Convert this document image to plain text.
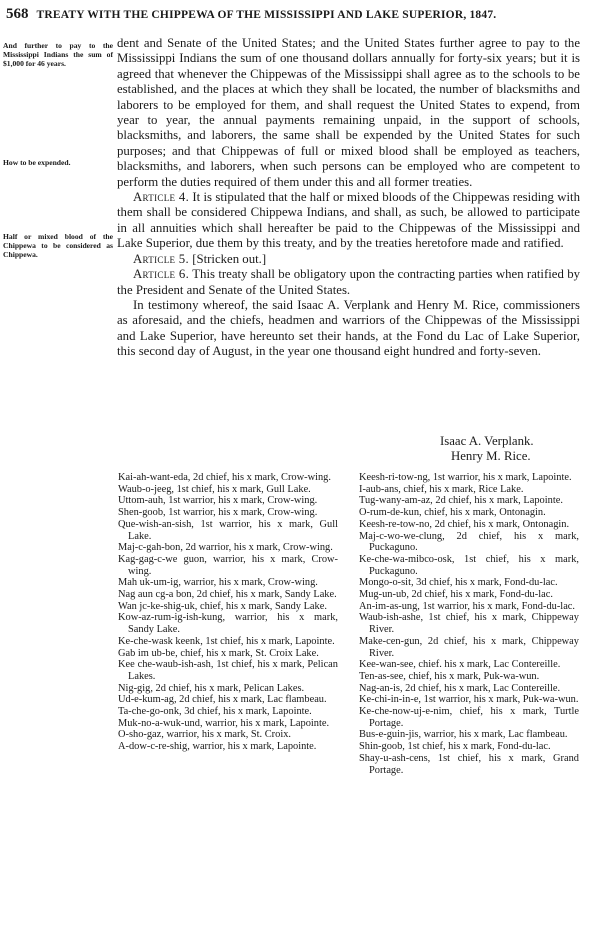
568 TREATY WITH THE CHIPPEWA OF THE MISSISSIPPI AND LAKE SUPERIOR, 1847.
And further to pay to the Mississippi Indians the sum of $1,000 for 46 years.
How to be expended.
Half or mixed blood of the Chippewa to be considered as Chippewa.

dent and Senate of the United States; and the United States further agree to pay to the Mississippi Indians the sum of one thousand dollars annually for forty-six years; but it is agreed that whenever the Chippewas of the Mississippi shall agree as to the schools to be established, and the places at which they shall be located, the number of blacksmiths and laborers to be employed for them, and shall request the United States to expend, from year to year, the annual payments remaining unpaid, in the support of schools, blacksmiths, and laborers, the same shall be expended by the United States for such purposes; and that Chippewas of full or mixed blood shall be employed as teachers, blacksmiths, and laborers, when such persons can be employed who are competent to perform the duties required of them under this and all former treaties.

Article 4. It is stipulated that the half or mixed bloods of the Chippewas residing with them shall be considered Chippewa Indians, and shall, as such, be allowed to participate in all annuities which shall hereafter be paid to the Chippewas of the Mississippi and Lake Superior, due them by this treaty, and by the treaties heretofore made and ratified.

Article 5. [Stricken out.]

Article 6. This treaty shall be obligatory upon the contracting parties when ratified by the President and Senate of the United States.

In testimony whereof, the said Isaac A. Verplank and Henry M. Rice, commissioners as aforesaid, and the chiefs, headmen and warriors of the Chippewas of the Mississippi and Lake Superior, have hereunto set their hands, at the Fond du Lac of Lake Superior, this second day of August, in the year one thousand eight hundred and forty-seven.

Isaac A. Verplank.
Henry M. Rice.

Kai-ah-want-eda, 2d chief, his x mark, Crow-wing.

Waub-o-jeeg, 1st chief, his x mark, Gull Lake.

Uttom-auh, 1st warrior, his x mark, Crow-wing.

Shen-goob, 1st warrior, his x mark, Crow-wing.

Que-wish-an-sish, 1st warrior, his x mark, Gull Lake.

Maj-c-gah-bon, 2d warrior, his x mark, Crow-wing.

Kag-gag-c-we guon, warrior, his x mark, Crow-wing.

Mah uk-um-ig, warrior, his x mark, Crow-wing.

Nag aun cg-a bon, 2d chief, his x mark, Sandy Lake.

Wan jc-ke-shig-uk, chief, his x mark, Sandy Lake.

Kow-az-rum-ig-ish-kung, warrior, his x mark, Sandy Lake.

Ke-che-wask keenk, 1st chief, his x mark, Lapointe.

Gab im ub-be, chief, his x mark, St. Croix Lake.

Kee che-waub-ish-ash, 1st chief, his x mark, Pelican Lakes.

Nig-gig, 2d chief, his x mark, Pelican Lakes.

Ud-e-kum-ag, 2d chief, his x mark, Lac flambeau.

Ta-che-go-onk, 3d chief, his x mark, Lapointe.

Muk-no-a-wuk-und, warrior, his x mark, Lapointe.

O-sho-gaz, warrior, his x mark, St. Croix.

A-dow-c-re-shig, warrior, his x mark, Lapointe.

Keesh-ri-tow-ng, 1st warrior, his x mark, Lapointe.

I-aub-ans, chief, his x mark, Rice Lake.

Tug-wany-am-az, 2d chief, his x mark, Lapointe.

O-rum-de-kun, chief, his x mark, Ontonagin.

Keesh-re-tow-no, 2d chief, his x mark, Ontonagin.

Maj-c-wo-we-clung, 2d chief, his x mark, Puckaguno.

Ke-che-wa-mibco-osk, 1st chief, his x mark, Puckaguno.

Mongo-o-sit, 3d chief, his x mark, Fond-du-lac.

Mug-un-ub, 2d chief, his x mark, Fond-du-lac.

An-im-as-ung, 1st warrior, his x mark, Fond-du-lac.

Waub-ish-ashe, 1st chief, his x mark, Chippeway River.

Make-cen-gun, 2d chief, his x mark, Chippeway River.

Kee-wan-see, chief. his x mark, Lac Contereille.

Ten-as-see, chief, his x mark, Puk-wa-wun.

Nag-an-is, 2d chief, his x mark, Lac Contereille.

Ke-chi-in-in-e, 1st warrior, his x mark, Puk-wa-wun.

Ke-che-now-uj-e-nim, chief, his x mark, Turtle Portage.

Bus-e-guin-jis, warrior, his x mark, Lac flambeau.

Shin-goob, 1st chief, his x mark, Fond-du-lac.

Shay-u-ash-cens, 1st chief, his x mark, Grand Portage.
